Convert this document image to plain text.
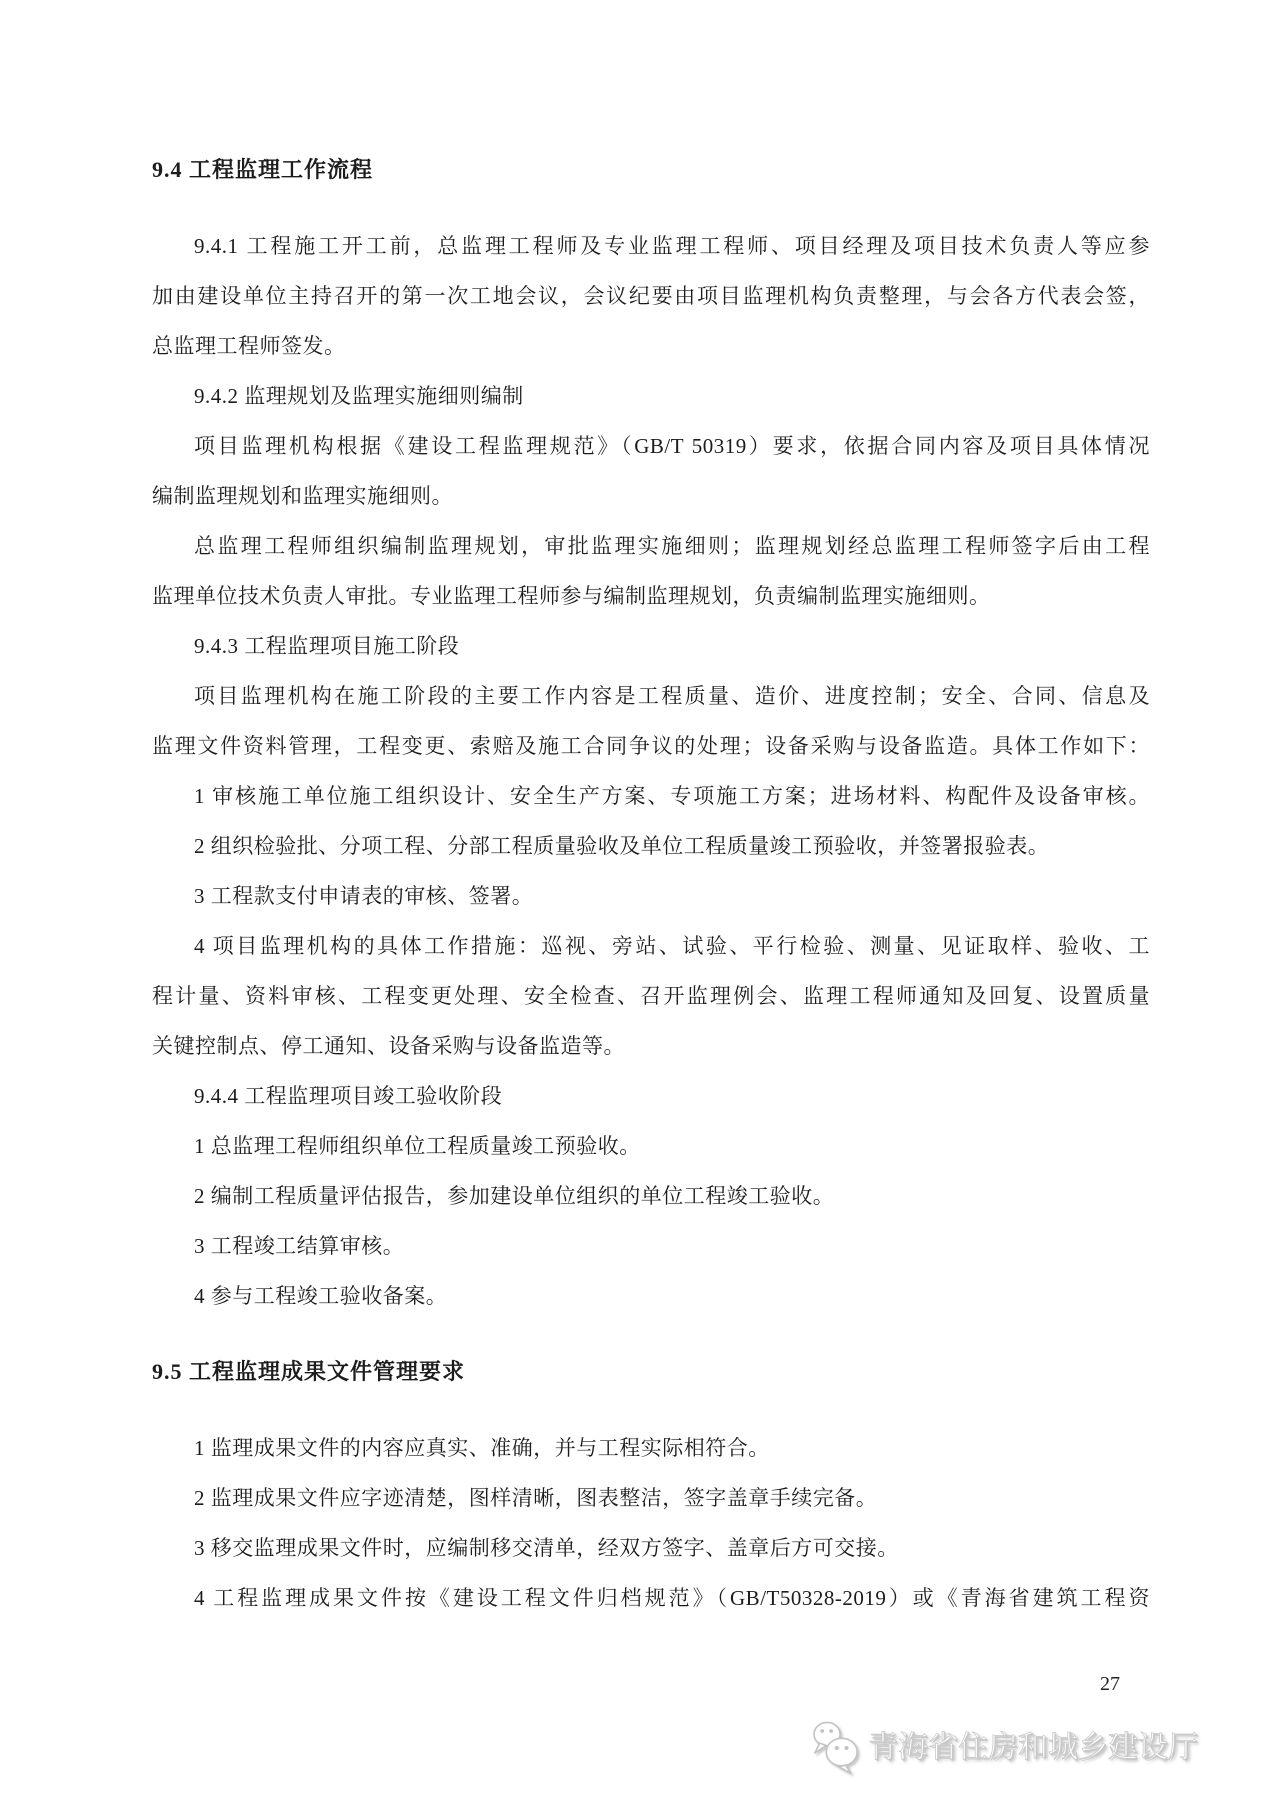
9.4 工程监理工作流程
9.4.1 工程施工开工前，总监理工程师及专业监理工程师、项目经理及项目技术负责人等应参
加由建设单位主持召开的第一次工地会议，会议纪要由项目监理机构负责整理，与会各方代表会签，
总监理工程师签发。
9.4.2 监理规划及监理实施细则编制
项目监理机构根据《建设工程监理规范》（GB/T 50319）要求，依据合同内容及项目具体情况
编制监理规划和监理实施细则。
总监理工程师组织编制监理规划，审批监理实施细则；监理规划经总监理工程师签字后由工程
监理单位技术负责人审批。专业监理工程师参与编制监理规划，负责编制监理实施细则。
9.4.3 工程监理项目施工阶段
项目监理机构在施工阶段的主要工作内容是工程质量、造价、进度控制；安全、合同、信息及
监理文件资料管理，工程变更、索赔及施工合同争议的处理；设备采购与设备监造。具体工作如下：
1 审核施工单位施工组织设计、安全生产方案、专项施工方案；进场材料、构配件及设备审核。
2 组织检验批、分项工程、分部工程质量验收及单位工程质量竣工预验收，并签署报验表。
3 工程款支付申请表的审核、签署。
4 项目监理机构的具体工作措施：巡视、旁站、试验、平行检验、测量、见证取样、验收、工
程计量、资料审核、工程变更处理、安全检查、召开监理例会、监理工程师通知及回复、设置质量
关键控制点、停工通知、设备采购与设备监造等。
9.4.4 工程监理项目竣工验收阶段
1 总监理工程师组织单位工程质量竣工预验收。
2 编制工程质量评估报告，参加建设单位组织的单位工程竣工验收。
3 工程竣工结算审核。
4 参与工程竣工验收备案。
9.5 工程监理成果文件管理要求
1 监理成果文件的内容应真实、准确，并与工程实际相符合。
2 监理成果文件应字迹清楚，图样清晰，图表整洁，签字盖章手续完备。
3 移交监理成果文件时，应编制移交清单，经双方签字、盖章后方可交接。
4 工程监理成果文件按《建设工程文件归档规范》（GB/T50328-2019）或《青海省建筑工程资
27
青海省住房和城乡建设厅
